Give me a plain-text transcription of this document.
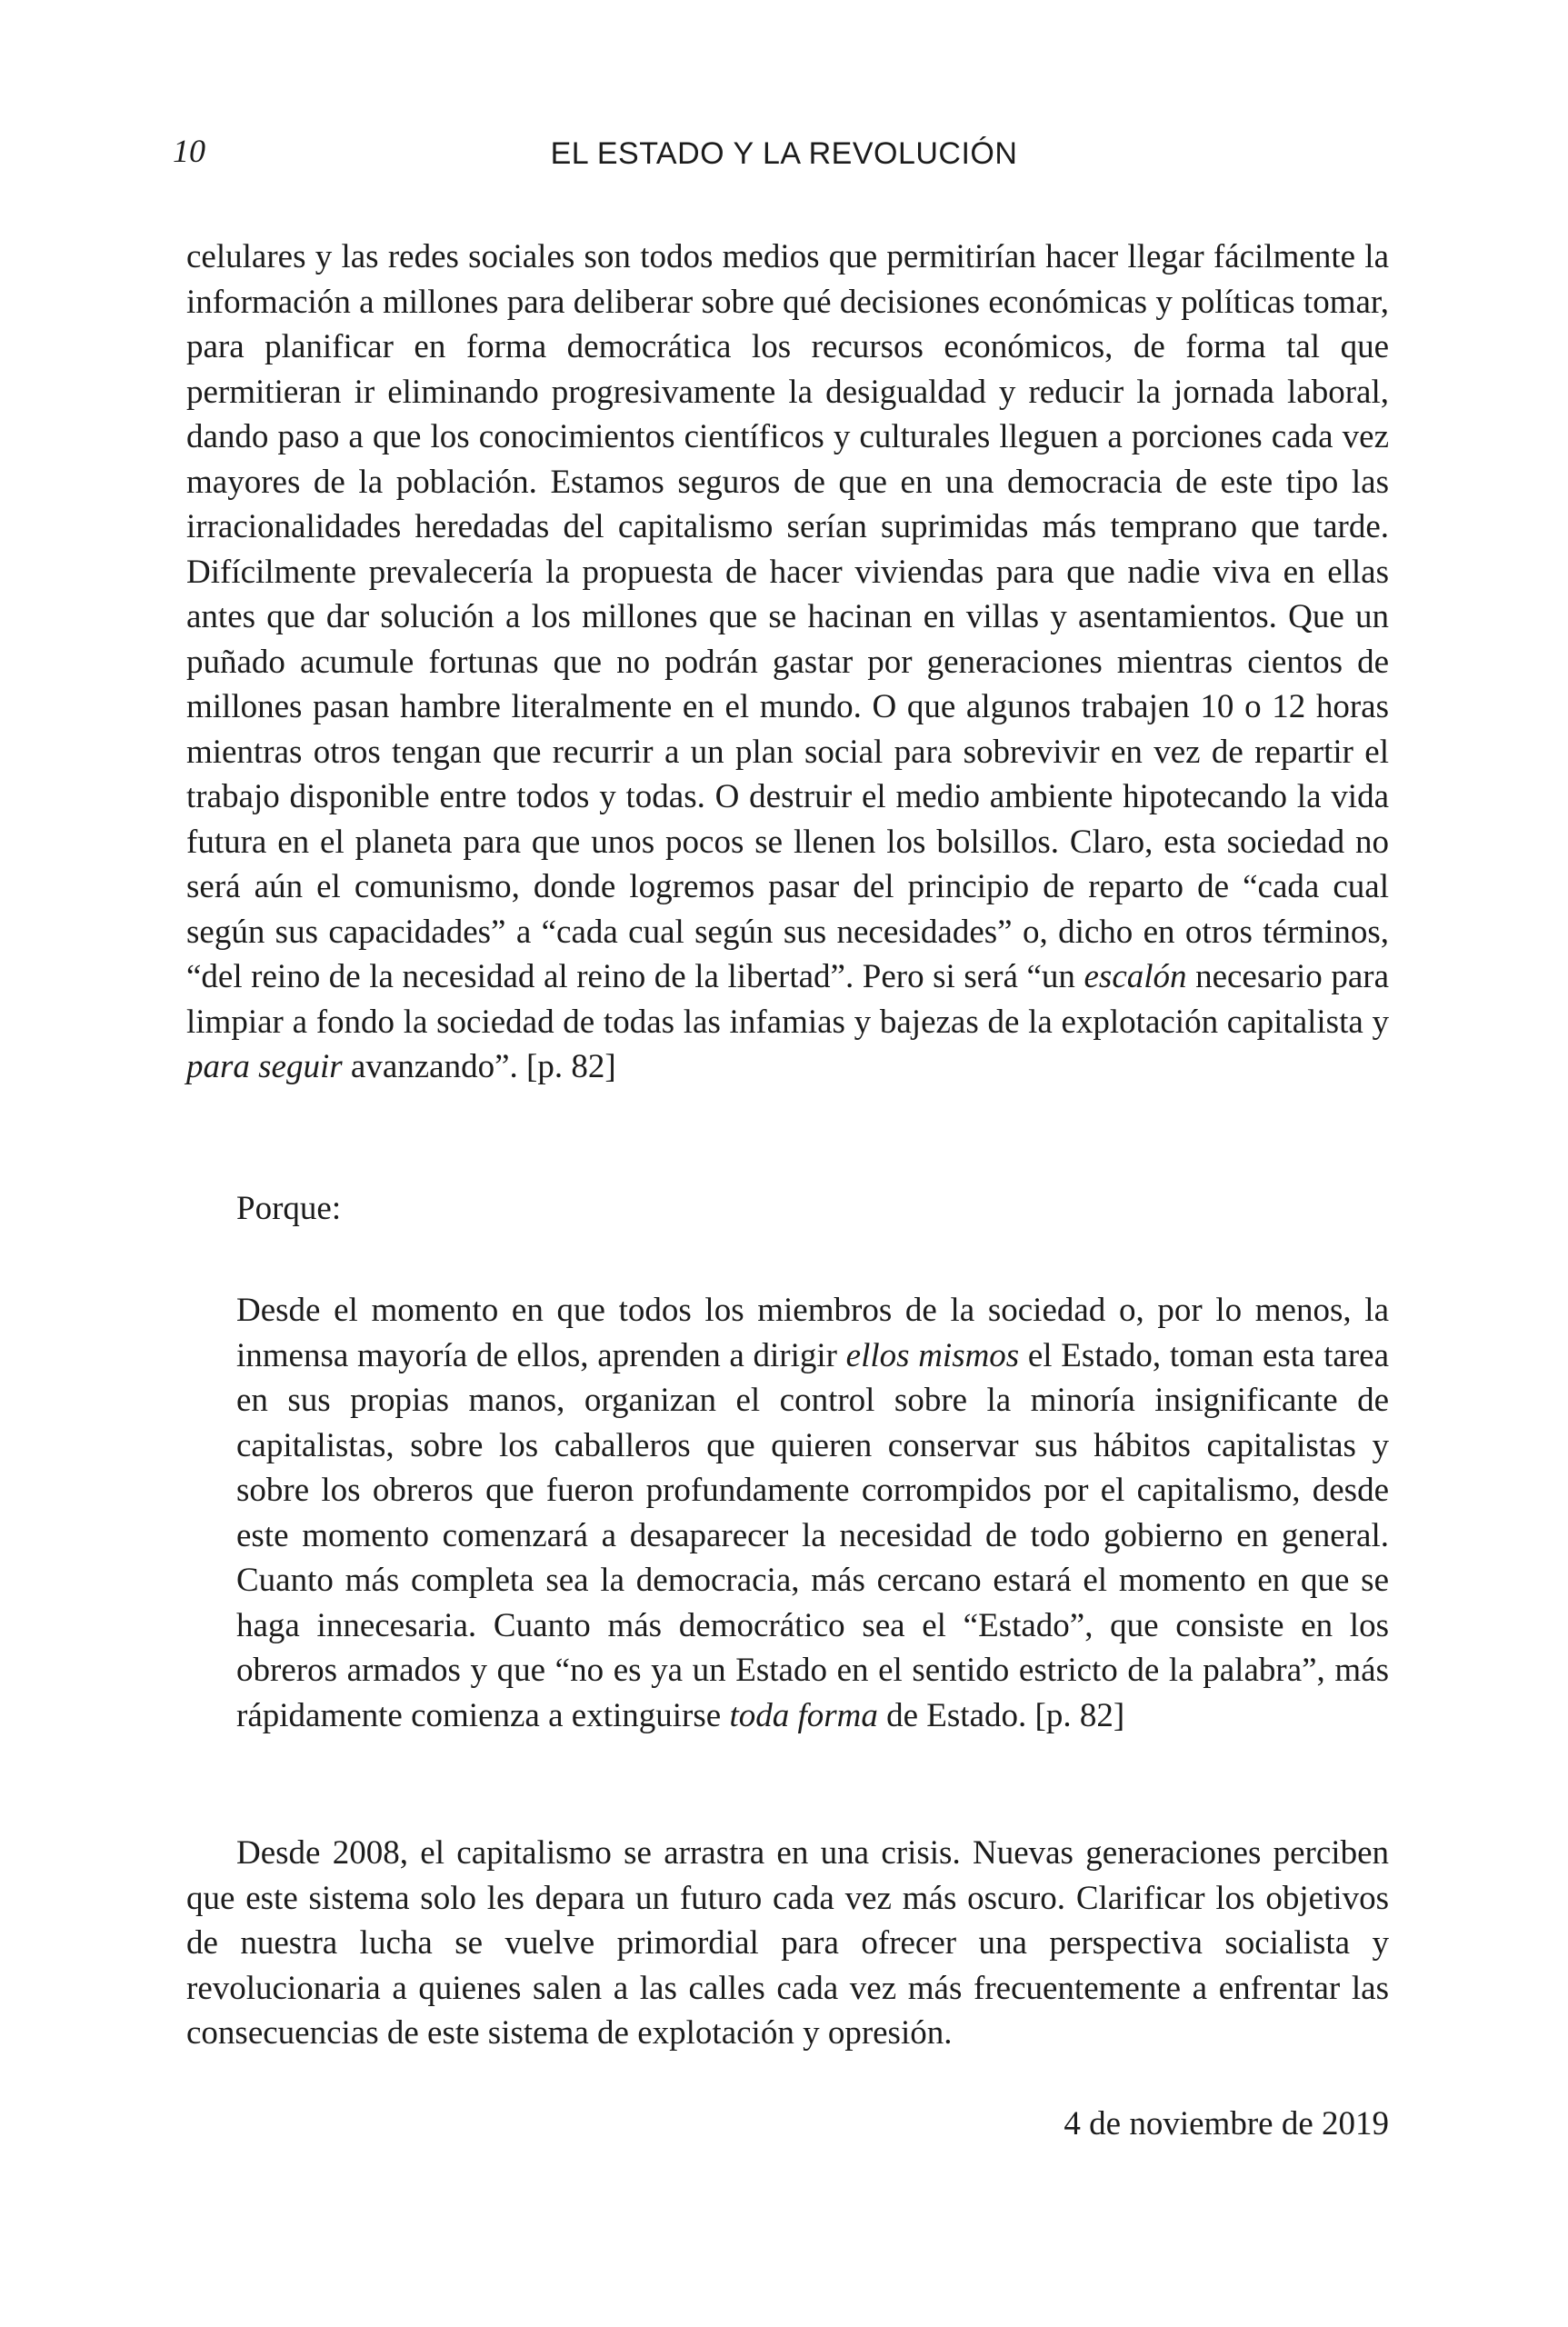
10	EL ESTADO Y LA REVOLUCIÓN

celulares y las redes sociales son todos medios que permitirían hacer llegar fácilmente la información a millones para deliberar sobre qué decisiones económicas y políticas tomar, para planificar en forma democrática los recursos económicos, de forma tal que permitieran ir eliminando progresivamente la desigualdad y reducir la jornada laboral, dando paso a que los conocimientos científicos y culturales lleguen a porciones cada vez mayores de la población. Estamos seguros de que en una democracia de este tipo las irracionalidades heredadas del capitalismo serían suprimidas más temprano que tarde. Difícilmente prevalecería la propuesta de hacer viviendas para que nadie viva en ellas antes que dar solución a los millones que se hacinan en villas y asentamientos. Que un puñado acumule fortunas que no podrán gastar por generaciones mientras cientos de millones pasan hambre literalmente en el mundo. O que algunos trabajen 10 o 12 horas mientras otros tengan que recurrir a un plan social para sobrevivir en vez de repartir el trabajo disponible entre todos y todas. O destruir el medio ambiente hipotecando la vida futura en el planeta para que unos pocos se llenen los bolsillos. Claro, esta sociedad no será aún el comunismo, donde logremos pasar del principio de reparto de “cada cual según sus capacidades” a “cada cual según sus necesidades” o, dicho en otros términos, “del reino de la necesidad al reino de la libertad”. Pero si será “un escalón necesario para limpiar a fondo la sociedad de todas las infamias y bajezas de la explotación capitalista y para seguir avanzando”. [p. 82]

Porque:

Desde el momento en que todos los miembros de la sociedad o, por lo menos, la inmensa mayoría de ellos, aprenden a dirigir ellos mismos el Estado, toman esta tarea en sus propias manos, organizan el control sobre la minoría insignificante de capitalistas, sobre los caballeros que quieren conservar sus hábitos capitalistas y sobre los obreros que fueron profundamente corrompidos por el capitalismo, desde este momento comenzará a desaparecer la necesidad de todo gobierno en general. Cuanto más completa sea la democracia, más cercano estará el momento en que se haga innecesaria. Cuanto más democrático sea el “Estado”, que consiste en los obreros armados y que “no es ya un Estado en el sentido estricto de la palabra”, más rápidamente comienza a extinguirse toda forma de Estado. [p. 82]

Desde 2008, el capitalismo se arrastra en una crisis. Nuevas generaciones perciben que este sistema solo les depara un futuro cada vez más oscuro. Clarificar los objetivos de nuestra lucha se vuelve primordial para ofrecer una perspectiva socialista y revolucionaria a quienes salen a las calles cada vez más frecuentemente a enfrentar las consecuencias de este sistema de explotación y opresión.

4 de noviembre de 2019
